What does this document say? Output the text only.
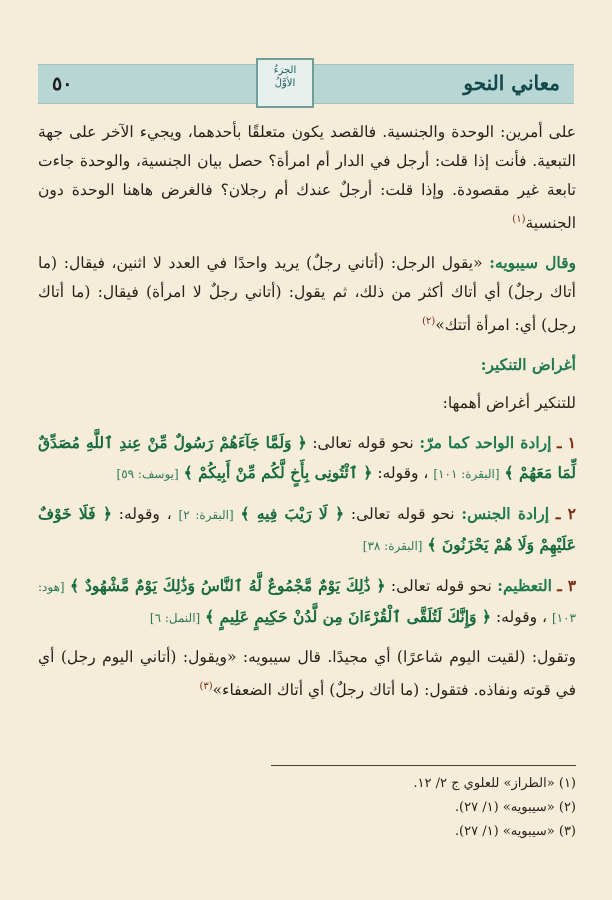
٥٠	معاني النحو
الجزءُ
الأوَّلُ

على أمرين: الوحدة والجنسية. فالقصد يكون متعلقًا بأحدهما، ويجيء الآخر على جهة التبعية. فأنت إذا قلت: أرجل في الدار أم امرأة؟ حصل بيان الجنسية، والوحدة جاءت تابعة غير مقصودة. وإذا قلت: أرجلٌ عندك أم رجلان؟ فالغرض هاهنا الوحدة دون الجنسية$^{(١)}$

وقال سيبويه: «يقول الرجل: (أتاني رجلٌ) يريد واحدًا في العدد لا اثنين، فيقال: (ما أتاك رجلٌ) أي أتاك أكثر من ذلك، ثم يقول: (أتاني رجلٌ لا امرأة) فيقال: (ما أتاك رجل) أي: امرأة أتتك»$^{(٢)}$

أغراض التنكير:

للتنكير أغراض أهمها:

١ ـ إرادة الواحد كما مرّ: نحو قوله تعالى: ﴿ وَلَمَّا جَآءَهُمْ رَسُولٌ مِّنْ عِندِ ٱللَّهِ مُصَدِّقٌ لِّمَا مَعَهُمْ ﴾ [البقرة: ١٠١] ، وقوله: ﴿ ٱئْتُونِى بِأَخٍ لَّكُم مِّنْ أَبِيكُمْ ﴾ [يوسف: ٥٩]

٢ ـ إرادة الجنس: نحو قوله تعالى: ﴿ لَا رَيْبَ فِيهِ ﴾ [البقرة: ٢] ، وقوله: ﴿ فَلَا خَوْفٌ عَلَيْهِمْ وَلَا هُمْ يَحْزَنُونَ ﴾ [البقرة: ٣٨]

٣ ـ التعظيم: نحو قوله تعالى: ﴿ ذَٰلِكَ يَوْمٌ مَّجْمُوعٌ لَّهُ ٱلنَّاسُ وَذَٰلِكَ يَوْمٌ مَّشْهُودٌ ﴾ [هود: ١٠٣] ، وقوله: ﴿ وَإِنَّكَ لَتُلَقَّى ٱلْقُرْءَانَ مِن لَّدُنْ حَكِيمٍ عَلِيمٍ ﴾ [النمل: ٦]

وتقول: (لقيت اليوم شاعرًا) أي مجيدًا. قال سيبويه: «ويقول: (أتاني اليوم رجل) أي في قوته ونفاذه. فتقول: (ما أتاك رجلٌ) أي أتاك الضعفاء»$^{(٣)}$

(١) «الطراز» للعلوي ج ٢/ ١٢.
(٢) «سيبويه» (١/ ٢٧).
(٣) «سيبويه» (١/ ٢٧).
